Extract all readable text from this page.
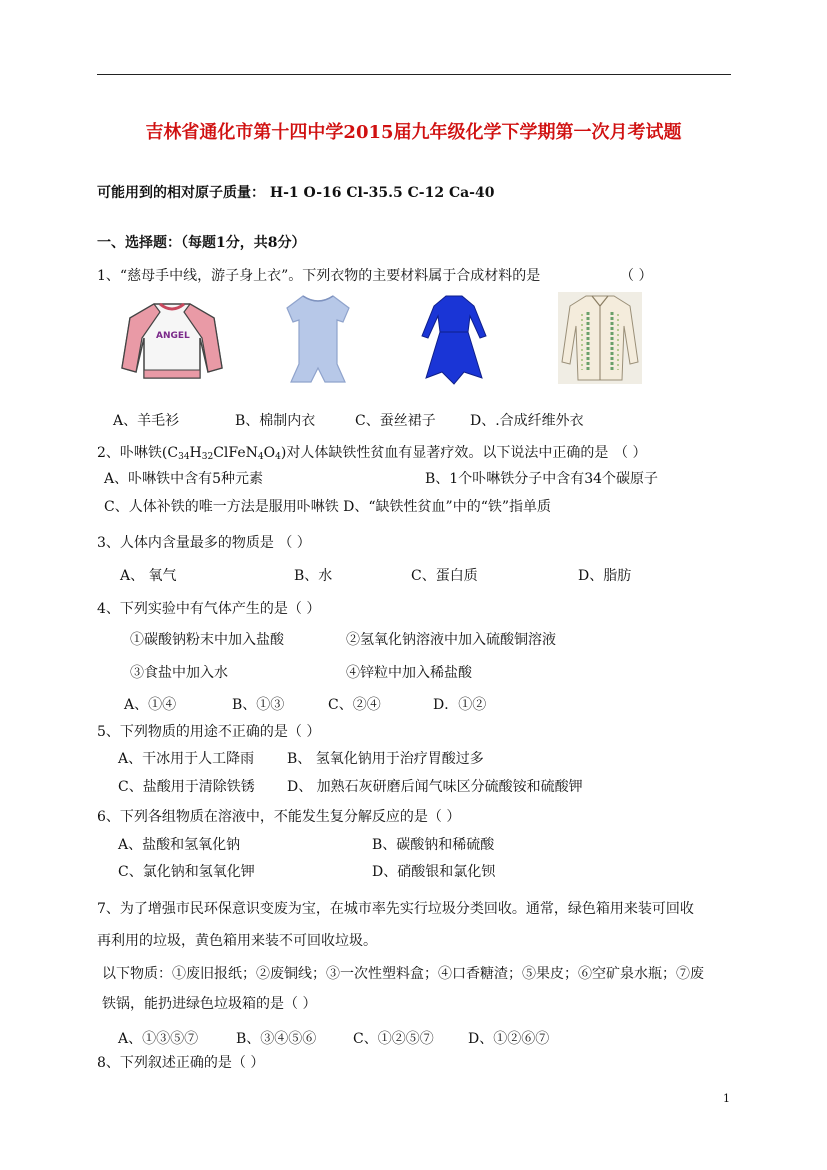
吉林省通化市第十四中学2015届九年级化学下学期第一次月考试题
可能用到的相对原子质量： H-1 O-16 Cl-35.5 C-12 Ca-40
一、选择题：（每题1分，共8分）
1、“慈母手中线，游子身上衣”。下列衣物的主要材料属于合成材料的是	（ ）
ANGEL
A、羊毛衫	B、棉制内衣	C、蚕丝裙子 D、.合成纤维外衣
2、卟啉铁$(C_{34}H_{32}ClFeN_4O_4)$对人体缺铁性贫血有显著疗效。以下说法中正确的是 （ ）
A、卟啉铁中含有5种元素	B、1个卟啉铁分子中含有34个碳原子
C、人体补铁的唯一方法是服用卟啉铁 D、“缺铁性贫血”中的“铁”指单质
3、人体内含量最多的物质是 （ ）
A、 氧气	B、水	C、蛋白质	D、脂肪
4、下列实验中有气体产生的是（ ）
①碳酸钠粉末中加入盐酸	②氢氧化钠溶液中加入硫酸铜溶液
③食盐中加入水	④锌粒中加入稀盐酸
A、①④	B、①③	C、②④	D．①②
5、下列物质的用途不正确的是（ ）
A、干冰用于人工降雨 B、 氢氧化钠用于治疗胃酸过多
C、盐酸用于清除铁锈 D、 加熟石灰研磨后闻气味区分硫酸铵和硫酸钾
6、下列各组物质在溶液中，不能发生复分解反应的是（ ）
A、盐酸和氢氧化钠	B、碳酸钠和稀硫酸
C、氯化钠和氢氧化钾	D、硝酸银和氯化钡
7、为了增强市民环保意识变废为宝，在城市率先实行垃圾分类回收。通常，绿色箱用来装可回收
再利用的垃圾，黄色箱用来装不可回收垃圾。
以下物质：①废旧报纸；②废铜线；③一次性塑料盒；④口香糖渣；⑤果皮；⑥空矿泉水瓶；⑦废
铁锅，能扔进绿色垃圾箱的是（ ）
A、①③⑤⑦	B、③④⑤⑥	C、①②⑤⑦ D、①②⑥⑦
8、下列叙述正确的是（ ）
1
